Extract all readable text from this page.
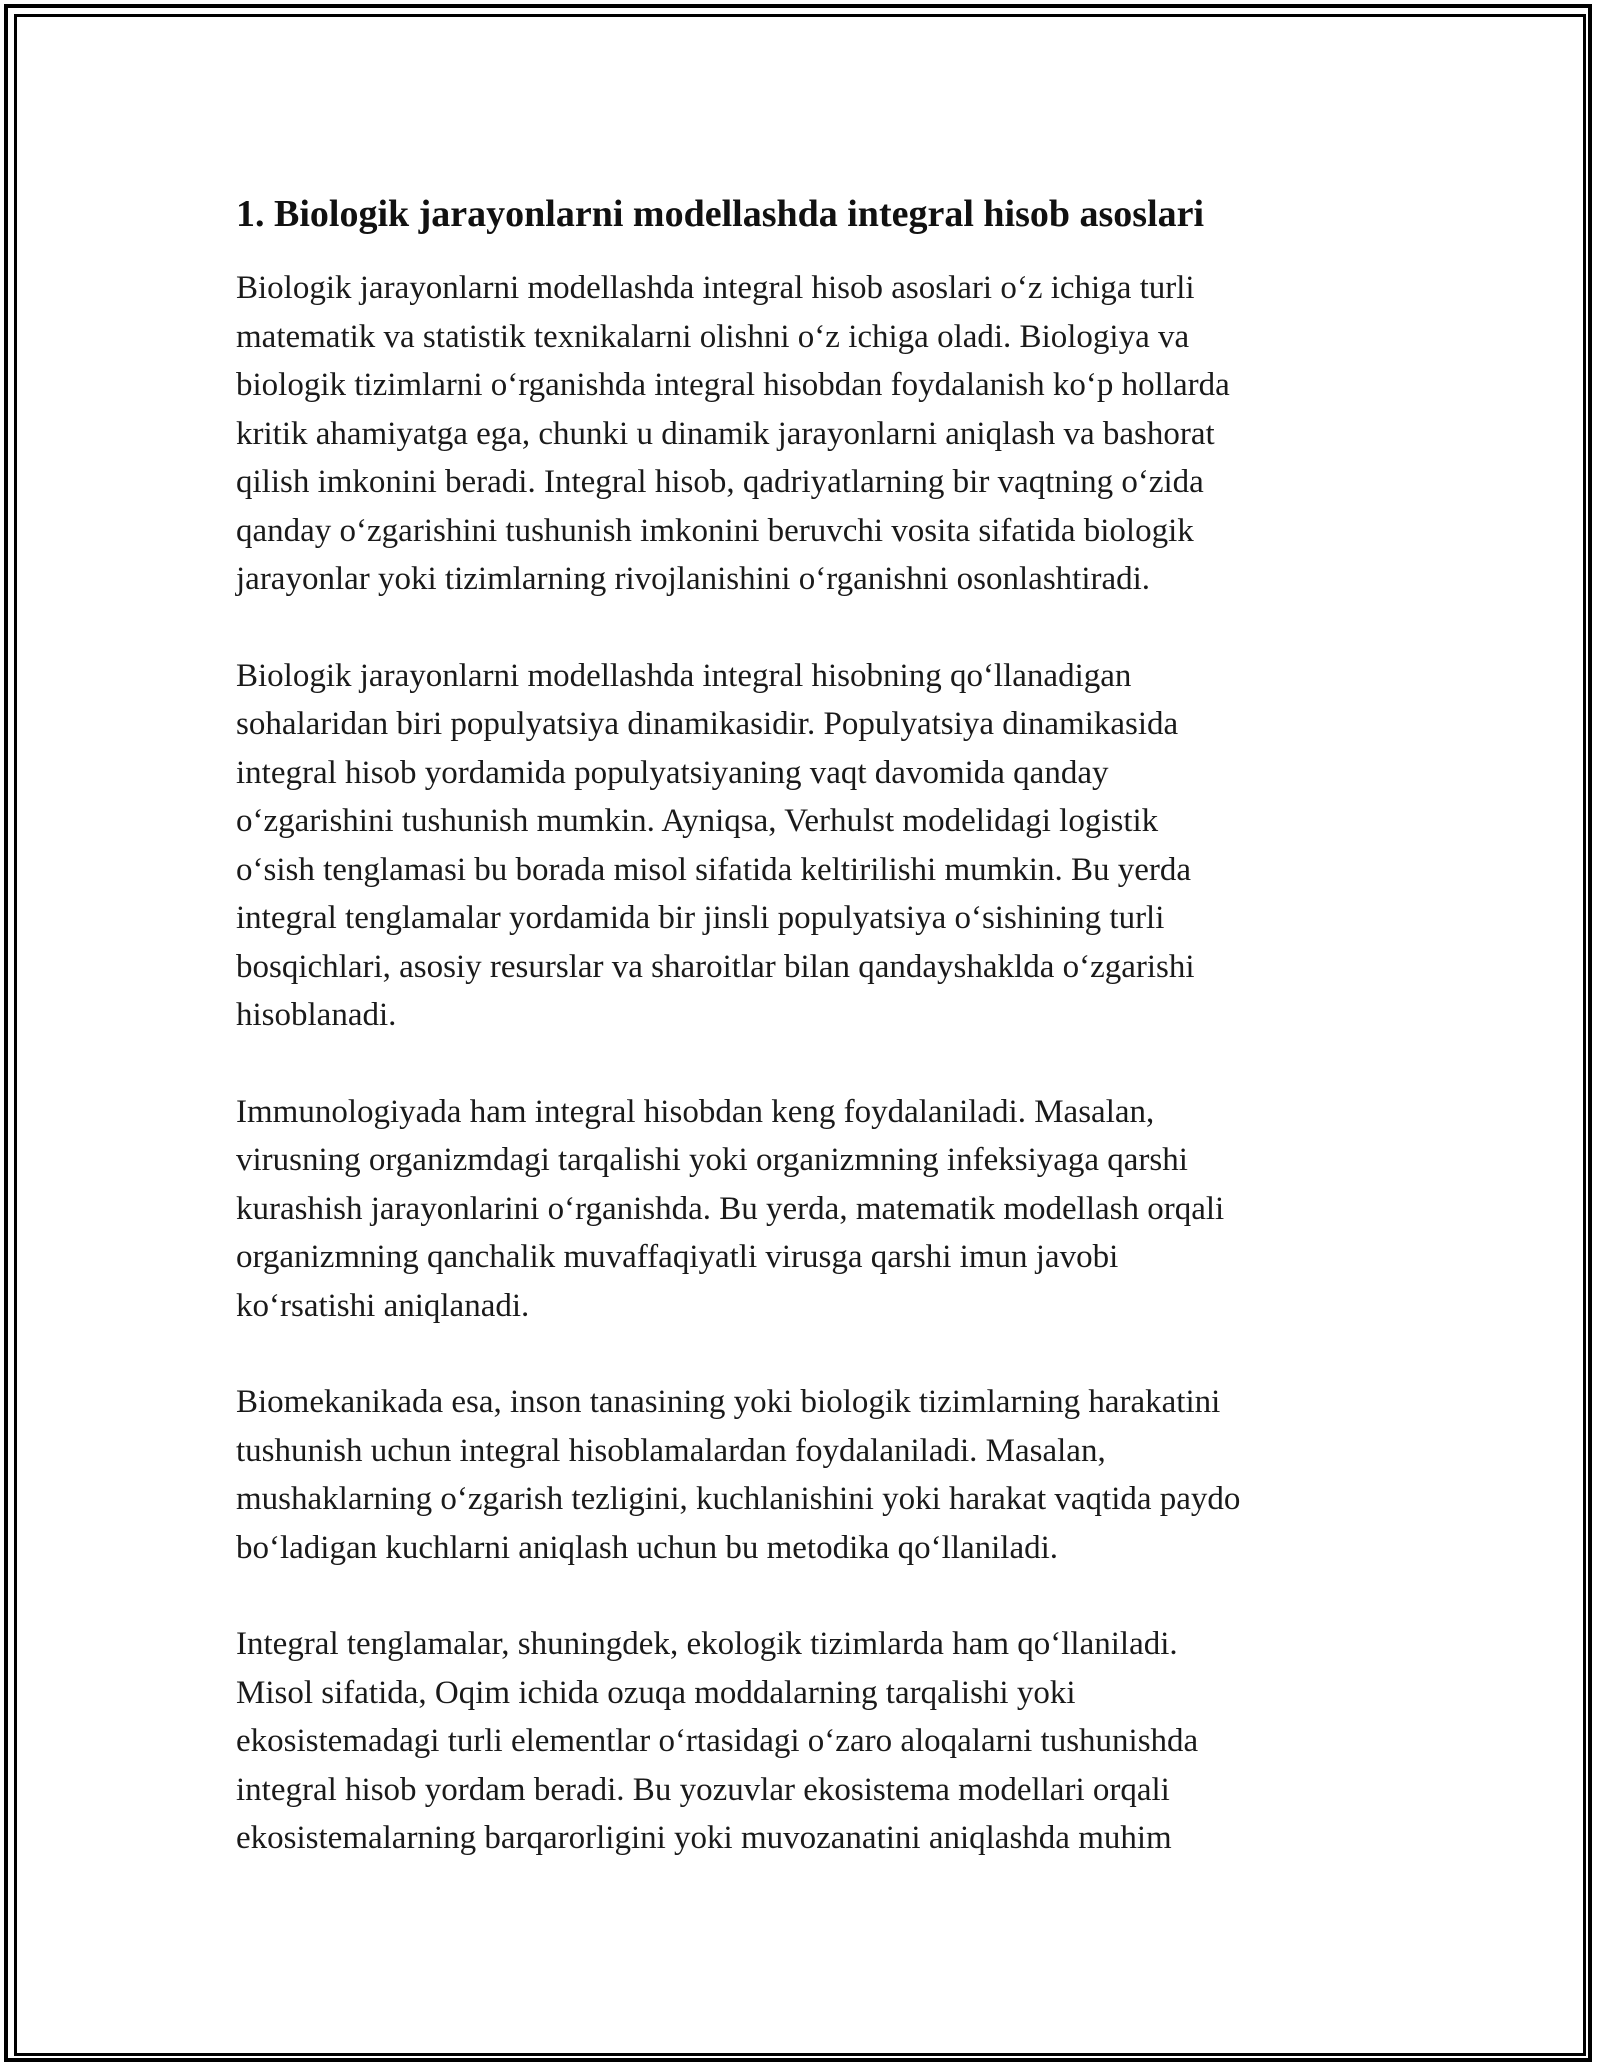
1. Biologik jarayonlarni modellashda integral hisob asoslari

Biologik jarayonlarni modellashda integral hisob asoslari o‘z ichiga turli
matematik va statistik texnikalarni olishni o‘z ichiga oladi. Biologiya va
biologik tizimlarni o‘rganishda integral hisobdan foydalanish ko‘p hollarda
kritik ahamiyatga ega, chunki u dinamik jarayonlarni aniqlash va bashorat
qilish imkonini beradi. Integral hisob, qadriyatlarning bir vaqtning o‘zida
qanday o‘zgarishini tushunish imkonini beruvchi vosita sifatida biologik
jarayonlar yoki tizimlarning rivojlanishini o‘rganishni osonlashtiradi.

Biologik jarayonlarni modellashda integral hisobning qo‘llanadigan
sohalaridan biri populyatsiya dinamikasidir. Populyatsiya dinamikasida
integral hisob yordamida populyatsiyaning vaqt davomida qanday
o‘zgarishini tushunish mumkin. Ayniqsa, Verhulst modelidagi logistik
o‘sish tenglamasi bu borada misol sifatida keltirilishi mumkin. Bu yerda
integral tenglamalar yordamida bir jinsli populyatsiya o‘sishining turli
bosqichlari, asosiy resurslar va sharoitlar bilan qandayshaklda o‘zgarishi
hisoblanadi.

Immunologiyada ham integral hisobdan keng foydalaniladi. Masalan,
virusning organizmdagi tarqalishi yoki organizmning infeksiyaga qarshi
kurashish jarayonlarini o‘rganishda. Bu yerda, matematik modellash orqali
organizmning qanchalik muvaffaqiyatli virusga qarshi imun javobi
ko‘rsatishi aniqlanadi.

Biomekanikada esa, inson tanasining yoki biologik tizimlarning harakatini
tushunish uchun integral hisoblamalardan foydalaniladi. Masalan,
mushaklarning o‘zgarish tezligini, kuchlanishini yoki harakat vaqtida paydo
bo‘ladigan kuchlarni aniqlash uchun bu metodika qo‘llaniladi.

Integral tenglamalar, shuningdek, ekologik tizimlarda ham qo‘llaniladi.
Misol sifatida, Oqim ichida ozuqa moddalarning tarqalishi yoki
ekosistemadagi turli elementlar o‘rtasidagi o‘zaro aloqalarni tushunishda
integral hisob yordam beradi. Bu yozuvlar ekosistema modellari orqali
ekosistemalarning barqarorligini yoki muvozanatini aniqlashda muhim
